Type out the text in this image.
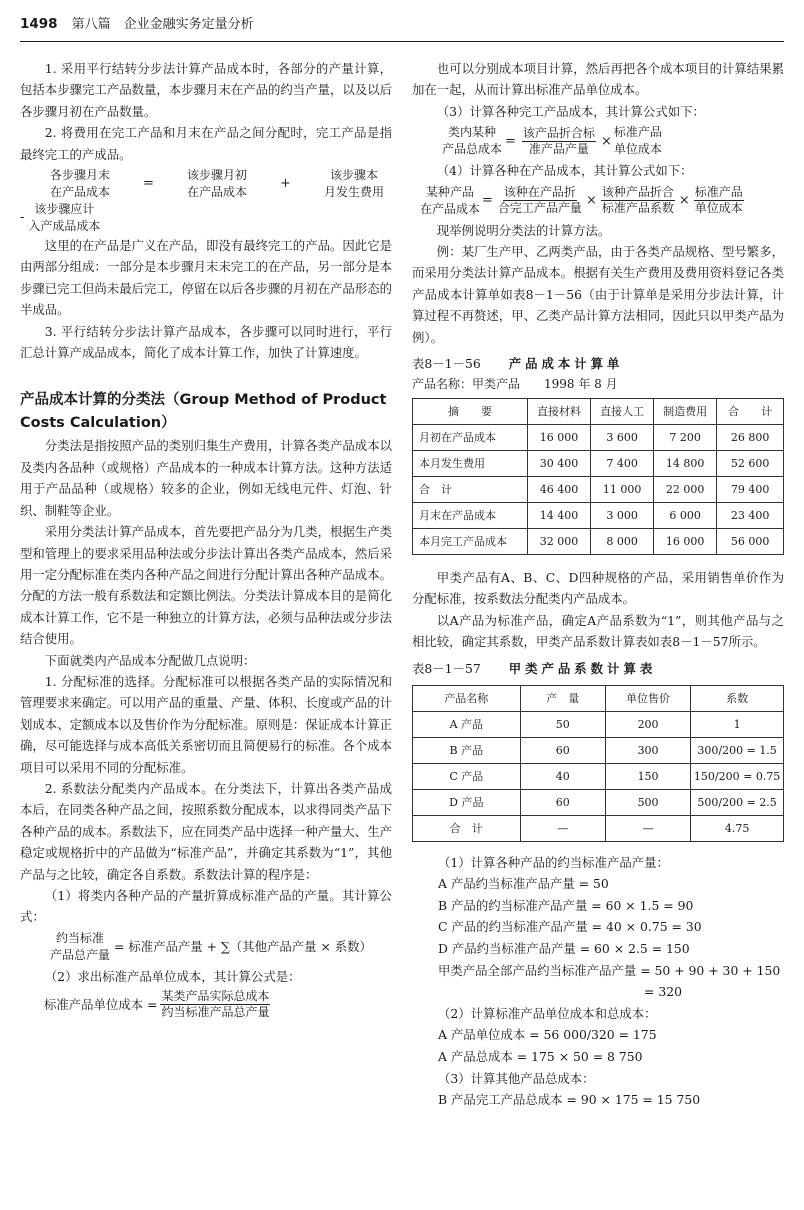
1498 第八篇　企业金融实务定量分析

1. 采用平行结转分步法计算产品成本时，各部分的产量计算，包括本步骤完工产品数量，本步骤月末在产品的约当产量，以及以后各步骤月初在产品数量。

2. 将费用在完工产品和月末在产品之间分配时，完工产品是指最终完工的产成品。

各步骤月末
在产品成本
=
该步骤月初
在产品成本
+
该步骤本
月发生费用
-
该步骤应计
入产成品成本

这里的在产品是广义在产品，即没有最终完工的产品。因此它是由两部分组成：一部分是本步骤月末未完工的在产品，另一部分是本步骤已完工但尚未最后完工，停留在以后各步骤的月初在产品形态的半成品。

3. 平行结转分步法计算产品成本，各步骤可以同时进行，平行汇总计算产成品成本，简化了成本计算工作，加快了计算速度。

产品成本计算的分类法（Group Method of Product Costs Calculation）

分类法是指按照产品的类别归集生产费用，计算各类产品成本以及类内各品种（或规格）产品成本的一种成本计算方法。这种方法适用于产品品种（或规格）较多的企业，例如无线电元件、灯泡、针织、制鞋等企业。

采用分类法计算产品成本，首先要把产品分为几类，根据生产类型和管理上的要求采用品种法或分步法计算出各类产品成本，然后采用一定分配标准在类内各种产品之间进行分配计算出各种产品成本。分配的方法一般有系数法和定额比例法。分类法计算成本目的是简化成本计算工作，它不是一种独立的计算方法，必须与品种法或分步法结合使用。

下面就类内产品成本分配做几点说明：

1. 分配标准的选择。分配标准可以根据各类产品的实际情况和管理要求来确定。可以用产品的重量、产量、体积、长度或产品的计划成本、定额成本以及售价作为分配标准。原则是：保证成本计算正确，尽可能选择与成本高低关系密切而且简便易行的标准。各个成本项目可以采用不同的分配标准。

2. 系数法分配类内产品成本。在分类法下，计算出各类产品成本后，在同类各种产品之间，按照系数分配成本，以求得同类产品下各种产品的成本。系数法下，应在同类产品中选择一种产量大、生产稳定或规格折中的产品做为“标准产品”，并确定其系数为“1”，其他产品与之比较，确定各自系数。系数法计算的程序是：

（1）将类内各种产品的产量折算成标准产品的产量。其计算公式：

约当标准
产品总产量
= 标准产品产量 + ∑（其他产品产量 × 系数）

（2）求出标准产品单位成本，其计算公式是：

标准产品单位成本 = $\frac{\text{某类产品实际总成本}}{\text{约当标准产品总产量}}$

也可以分别成本项目计算，然后再把各个成本项目的计算结果累加在一起，从而计算出标准产品单位成本。

（3）计算各种完工产品成本，其计算公式如下：

类内某种
产品总成本
= $\frac{\text{该产品折合标}}{\text{准产品产量}}$ ×
标准产品
单位成本

（4）计算各种在产品成本，其计算公式如下：

某种产品
在产品成本
= $\frac{\text{该种在产品折}}{\text{合完工产品产量}} \times \frac{\text{该种产品折合}}{\text{标准产品系数}} \times \frac{\text{标准产品}}{\text{单位成本}}$

现举例说明分类法的计算方法。

例：某厂生产甲、乙两类产品，由于各类产品规格、型号繁多，而采用分类法计算产品成本。根据有关生产费用及费用资料登记各类产品成本计算单如表8－1－56（由于计算单是采用分步法计算，计算过程不再赘述，甲、乙类产品计算方法相同，因此只以甲类产品为例）。

表8－1－56 产品成本计算单
产品名称：甲类产品　　1998 年 8 月
摘　　要	直接材料	直接人工	制造费用	合　　计
月初在产品成本	16 000	3 600	7 200	26 800
本月发生费用	30 400	7 400	14 800	52 600
合　计	46 400	11 000	22 000	79 400
月末在产品成本	14 400	3 000	6 000	23 400
本月完工产品成本	32 000	8 000	16 000	56 000

甲类产品有A、B、C、D四种规格的产品，采用销售单价作为分配标准，按系数法分配类内产品成本。

以A产品为标准产品，确定A产品系数为“1”，则其他产品与之相比较，确定其系数，甲类产品系数计算表如表8－1－57所示。

表8－1－57 甲类产品系数计算表
产品名称	产　量	单位售价	系数
A 产品	50	200	1
B 产品	60	300	300/200 = 1.5
C 产品	40	150	150/200 = 0.75
D 产品	60	500	500/200 = 2.5
合　计	—	—	4.75
（1）计算各种产品的约当标准产品产量：
A 产品约当标准产品产量 = 50
B 产品的约当标准产品产量 = 60 × 1.5 = 90
C 产品的约当标准产品产量 = 40 × 0.75 = 30
D 产品约当标准产品产量 = 60 × 2.5 = 150
甲类产品全部产品约当标准产品产量 = 50 + 90 + 30 + 150
= 320
（2）计算标准产品单位成本和总成本：
A 产品单位成本 = 56 000/320 = 175
A 产品总成本 = 175 × 50 = 8 750
（3）计算其他产品总成本：
B 产品完工产品总成本 = 90 × 175 = 15 750
